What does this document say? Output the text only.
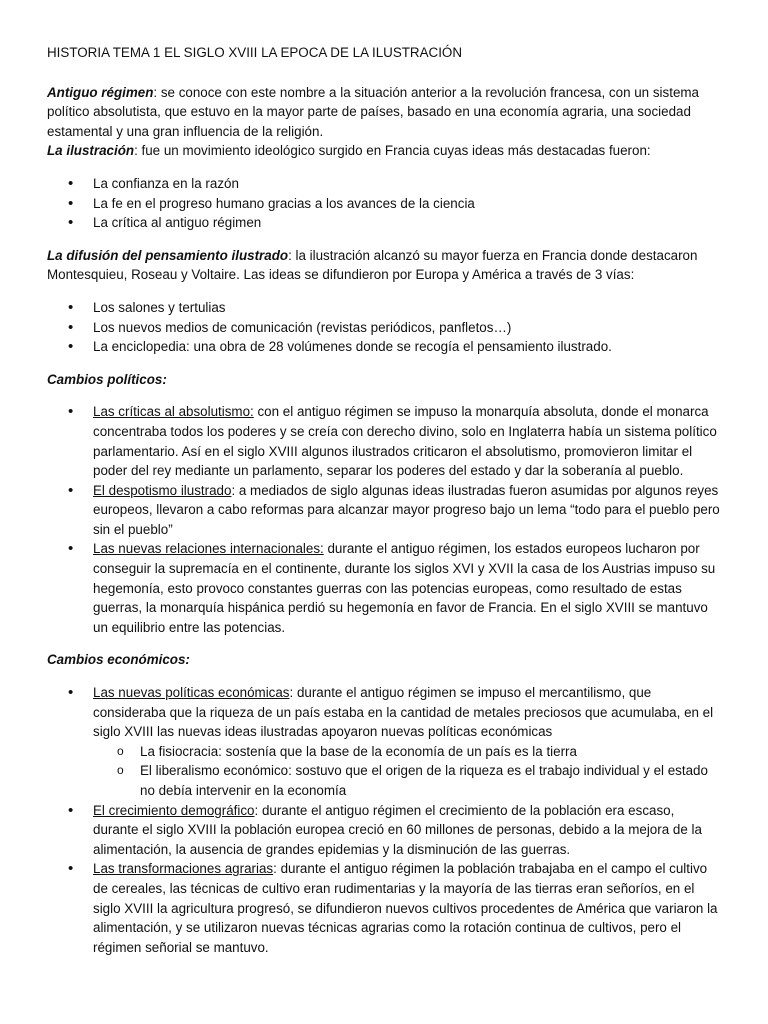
HISTORIA TEMA 1 EL SIGLO XVIII LA EPOCA DE LA ILUSTRACIÓN

Antiguo régimen: se conoce con este nombre a la situación anterior a la revolución francesa, con un sistema político absolutista, que estuvo en la mayor parte de países, basado en una economía agraria, una sociedad estamental y una gran influencia de la religión.

La ilustración: fue un movimiento ideológico surgido en Francia cuyas ideas más destacadas fueron:

• La confianza en la razón
• La fe en el progreso humano gracias a los avances de la ciencia
• La crítica al antiguo régimen

La difusión del pensamiento ilustrado: la ilustración alcanzó su mayor fuerza en Francia donde destacaron Montesquieu, Roseau y Voltaire. Las ideas se difundieron por Europa y América a través de 3 vías:

• Los salones y tertulias
• Los nuevos medios de comunicación (revistas periódicos, panfletos…)
• La enciclopedia: una obra de 28 volúmenes donde se recogía el pensamiento ilustrado.

Cambios políticos:

• Las críticas al absolutismo: con el antiguo régimen se impuso la monarquía absoluta, donde el monarca concentraba todos los poderes y se creía con derecho divino, solo en Inglaterra había un sistema político parlamentario. Así en el siglo XVIII algunos ilustrados criticaron el absolutismo, promovieron limitar el poder del rey mediante un parlamento, separar los poderes del estado y dar la soberanía al pueblo.
• El despotismo ilustrado: a mediados de siglo algunas ideas ilustradas fueron asumidas por algunos reyes europeos, llevaron a cabo reformas para alcanzar mayor progreso bajo un lema “todo para el pueblo pero sin el pueblo”
• Las nuevas relaciones internacionales: durante el antiguo régimen, los estados europeos lucharon por conseguir la supremacía en el continente, durante los siglos XVI y XVII la casa de los Austrias impuso su hegemonía, esto provoco constantes guerras con las potencias europeas, como resultado de estas guerras, la monarquía hispánica perdió su hegemonía en favor de Francia. En el siglo XVIII se mantuvo un equilibrio entre las potencias.

Cambios económicos:

• Las nuevas políticas económicas: durante el antiguo régimen se impuso el mercantilismo, que consideraba que la riqueza de un país estaba en la cantidad de metales preciosos que acumulaba, en el siglo XVIII las nuevas ideas ilustradas apoyaron nuevas políticas económicas
o La fisiocracia: sostenía que la base de la economía de un país es la tierra
o El liberalismo económico: sostuvo que el origen de la riqueza es el trabajo individual y el estado no debía intervenir en la economía
• El crecimiento demográfico: durante el antiguo régimen el crecimiento de la población era escaso, durante el siglo XVIII la población europea creció en 60 millones de personas, debido a la mejora de la alimentación, la ausencia de grandes epidemias y la disminución de las guerras.
• Las transformaciones agrarias: durante el antiguo régimen la población trabajaba en el campo el cultivo de cereales, las técnicas de cultivo eran rudimentarias y la mayoría de las tierras eran señoríos, en el siglo XVIII la agricultura progresó, se difundieron nuevos cultivos procedentes de América que variaron la alimentación, y se utilizaron nuevas técnicas agrarias como la rotación continua de cultivos, pero el régimen señorial se mantuvo.
